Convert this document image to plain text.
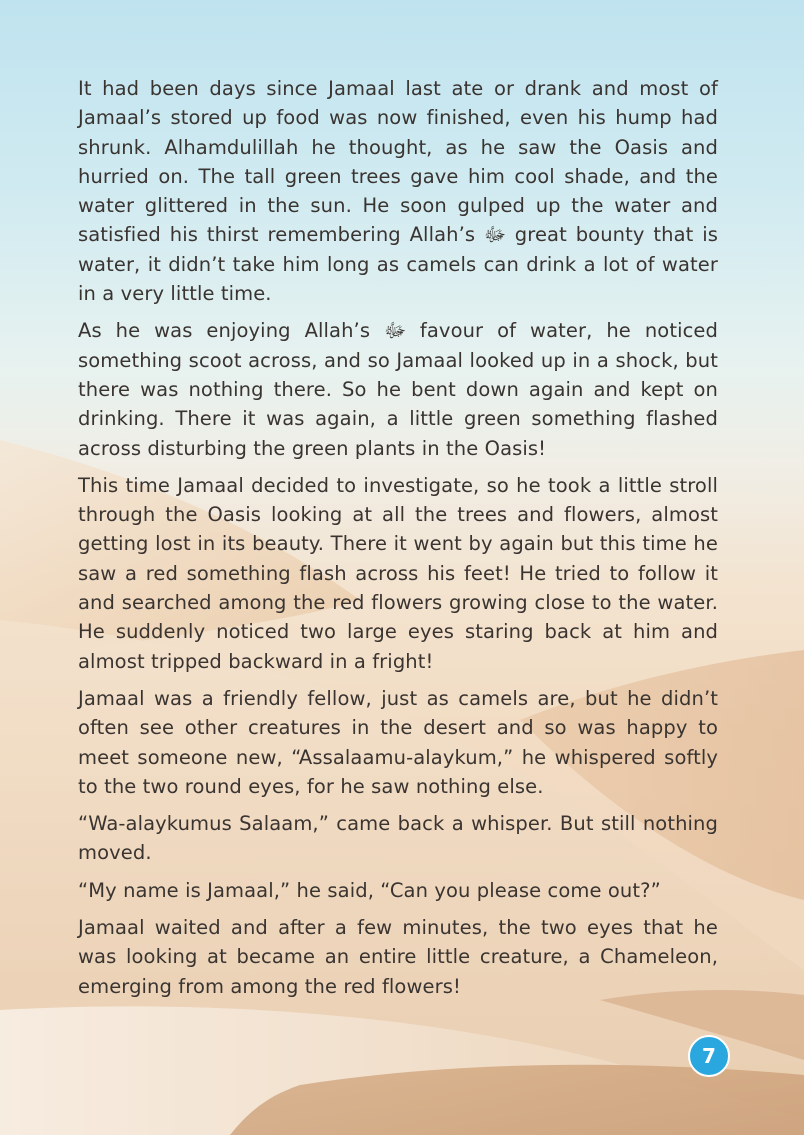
It had been days since Jamaal last ate or drank and most of Jamaal’s stored up food was now finished, even his hump had shrunk. Alhamdulillah he thought, as he saw the Oasis and hurried on. The tall green trees gave him cool shade, and the water glittered in the sun. He soon gulped up the water and satisfied his thirst remembering Allah’s ﷻ great bounty that is water, it didn’t take him long as camels can drink a lot of water in a very little time.

As he was enjoying Allah’s ﷻ favour of water, he noticed something scoot across, and so Jamaal looked up in a shock, but there was nothing there. So he bent down again and kept on drinking. There it was again, a little green something flashed across disturbing the green plants in the Oasis!

This time Jamaal decided to investigate, so he took a little stroll through the Oasis looking at all the trees and flowers, almost getting lost in its beauty. There it went by again but this time he saw a red something flash across his feet! He tried to follow it and searched among the red flowers growing close to the water. He suddenly noticed two large eyes staring back at him and almost tripped backward in a fright!

Jamaal was a friendly fellow, just as camels are, but he didn’t often see other creatures in the desert and so was happy to meet someone new, “Assalaamu-alaykum,” he whispered softly to the two round eyes, for he saw nothing else.

“Wa-alaykumus Salaam,” came back a whisper. But still nothing moved.

“My name is Jamaal,” he said, “Can you please come out?”

Jamaal waited and after a few minutes, the two eyes that he was looking at became an entire little creature, a Chameleon, emerging from among the red flowers!

7
